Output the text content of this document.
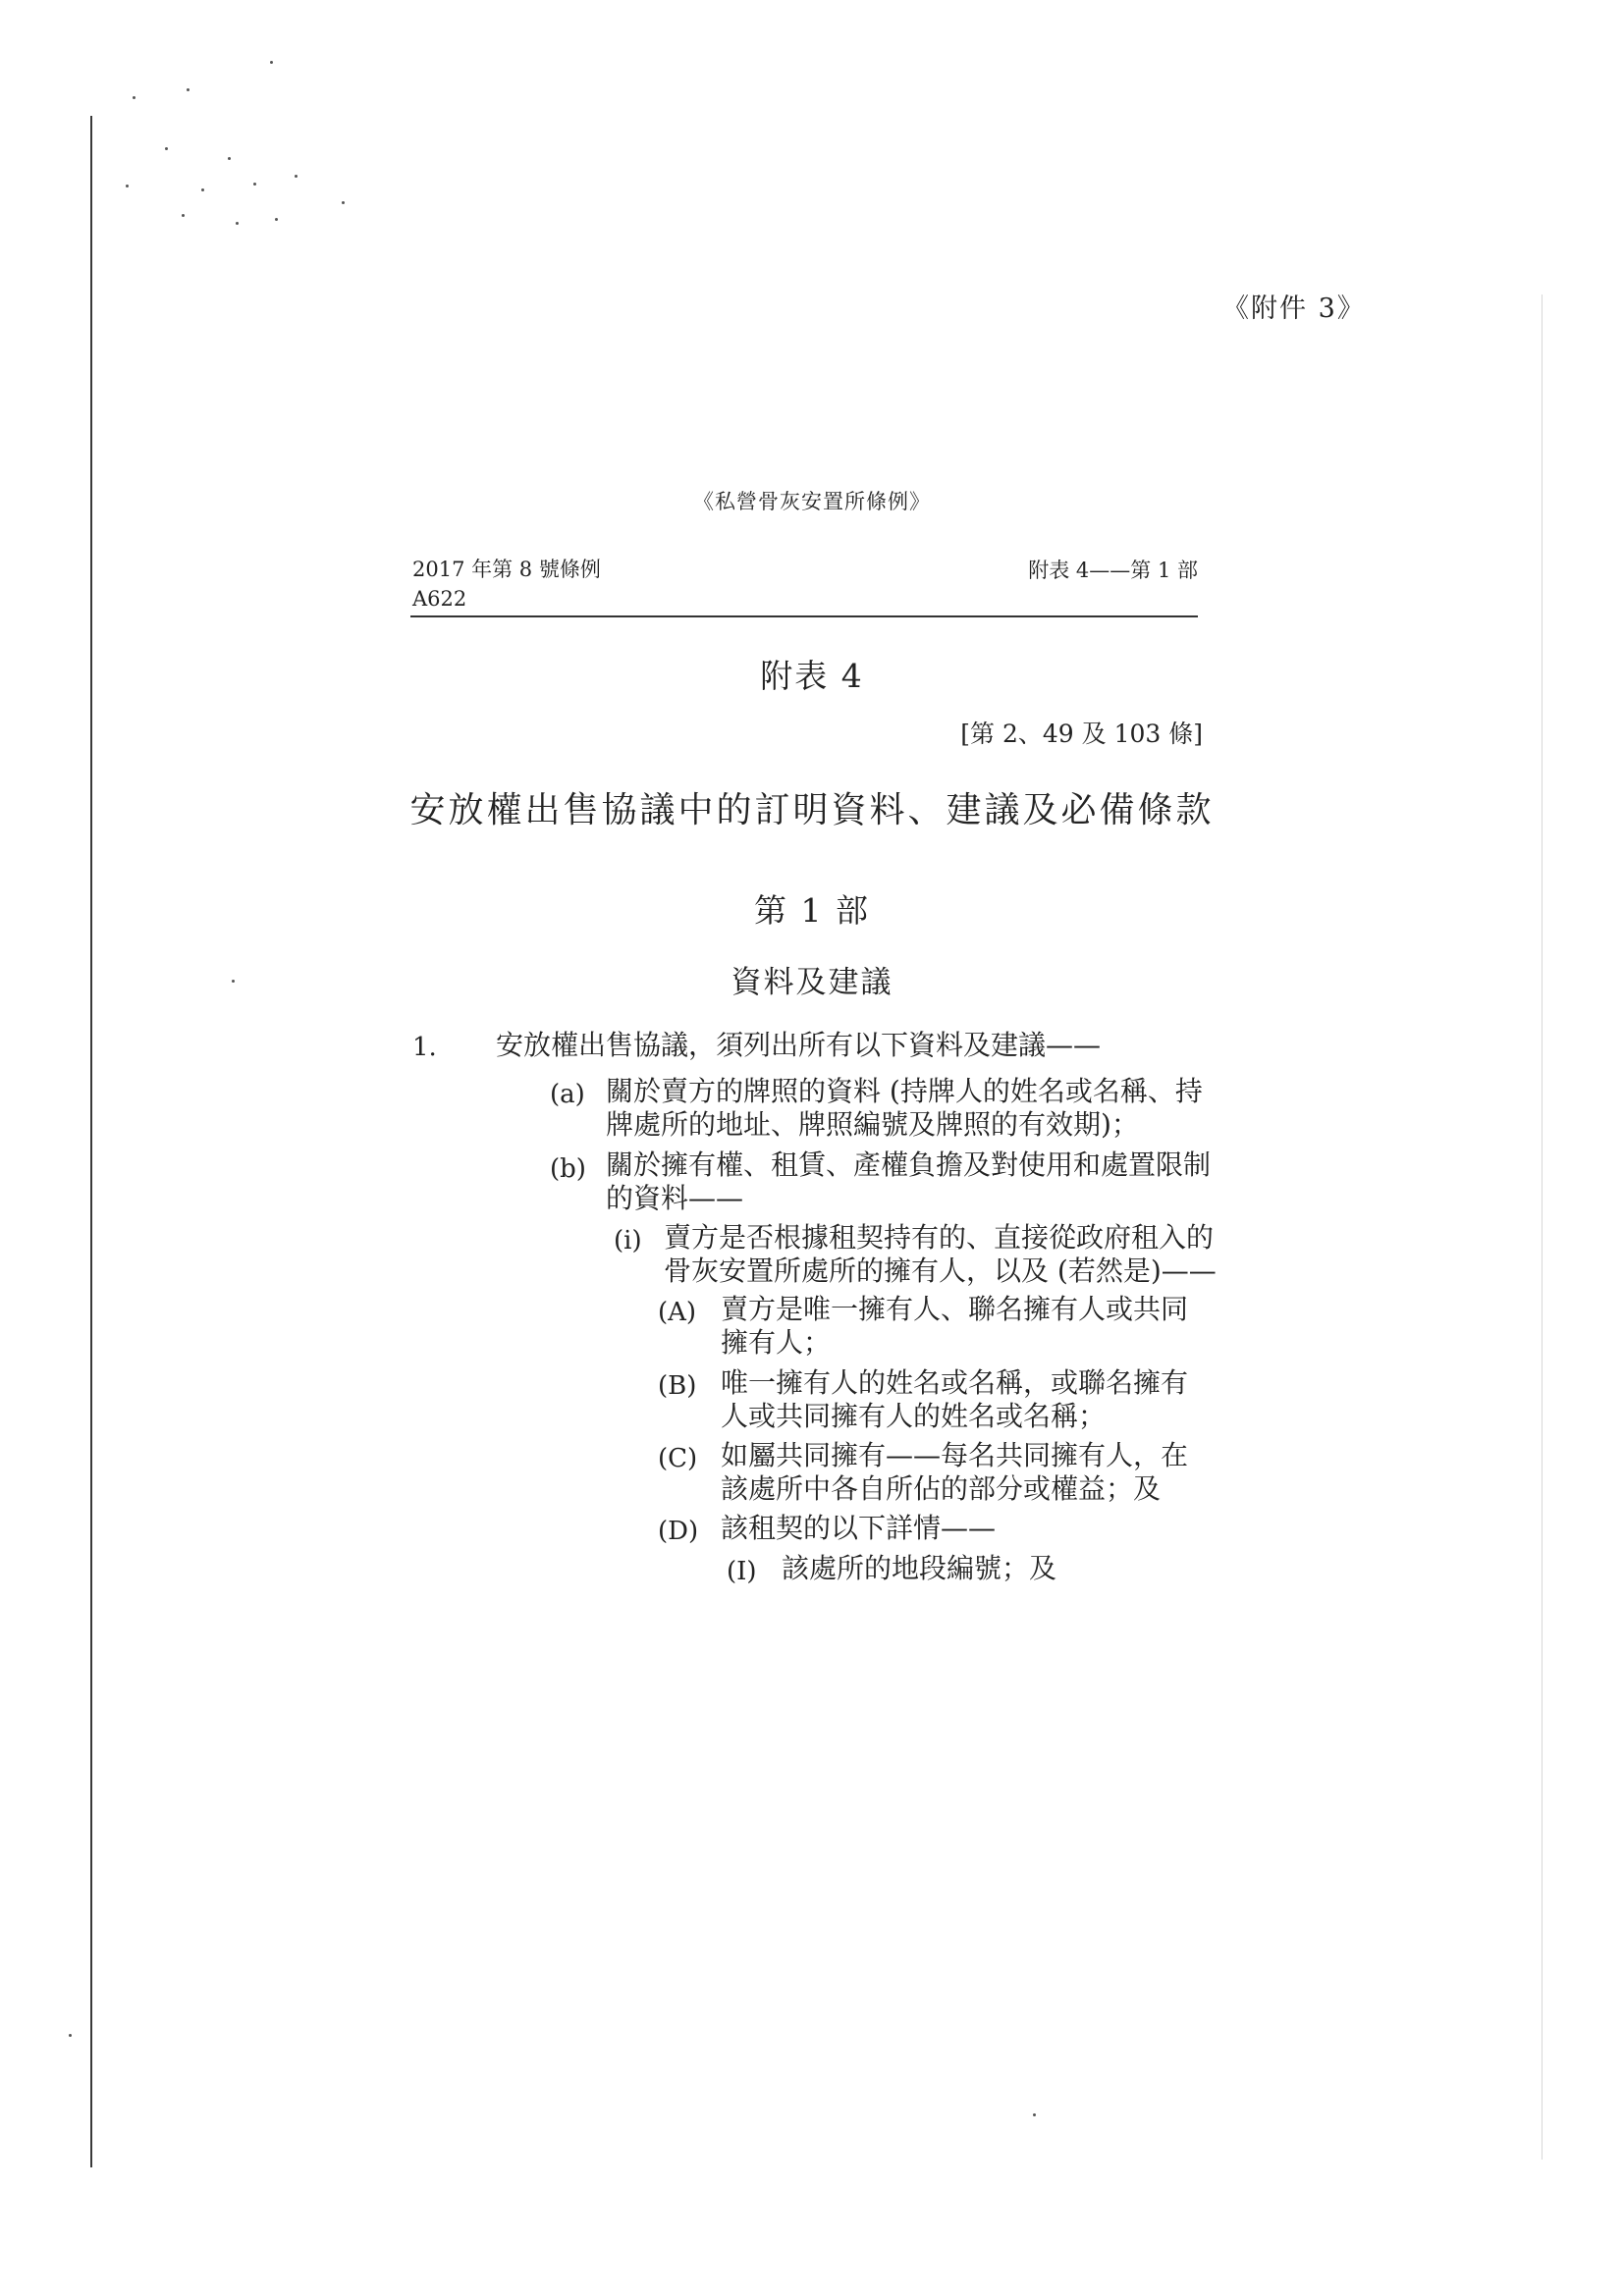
《附件 3》
《私營骨灰安置所條例》
2017 年第 8 號條例
A622
附表 4——第 1 部
附表 4
[第 2、49 及 103 條]
安放權出售協議中的訂明資料、建議及必備條款
第 1 部
資料及建議
1. 安放權出售協議，須列出所有以下資料及建議——
(a) 關於賣方的牌照的資料 (持牌人的姓名或名稱、持
牌處所的地址、牌照編號及牌照的有效期)；
(b) 關於擁有權、租賃、產權負擔及對使用和處置限制
的資料——
(i) 賣方是否根據租契持有的、直接從政府租入的
骨灰安置所處所的擁有人，以及 (若然是)——
(A) 賣方是唯一擁有人、聯名擁有人或共同
擁有人；
(B) 唯一擁有人的姓名或名稱，或聯名擁有
人或共同擁有人的姓名或名稱；
(C) 如屬共同擁有——每名共同擁有人，在
該處所中各自所佔的部分或權益；及
(D) 該租契的以下詳情——
(I) 該處所的地段編號；及
